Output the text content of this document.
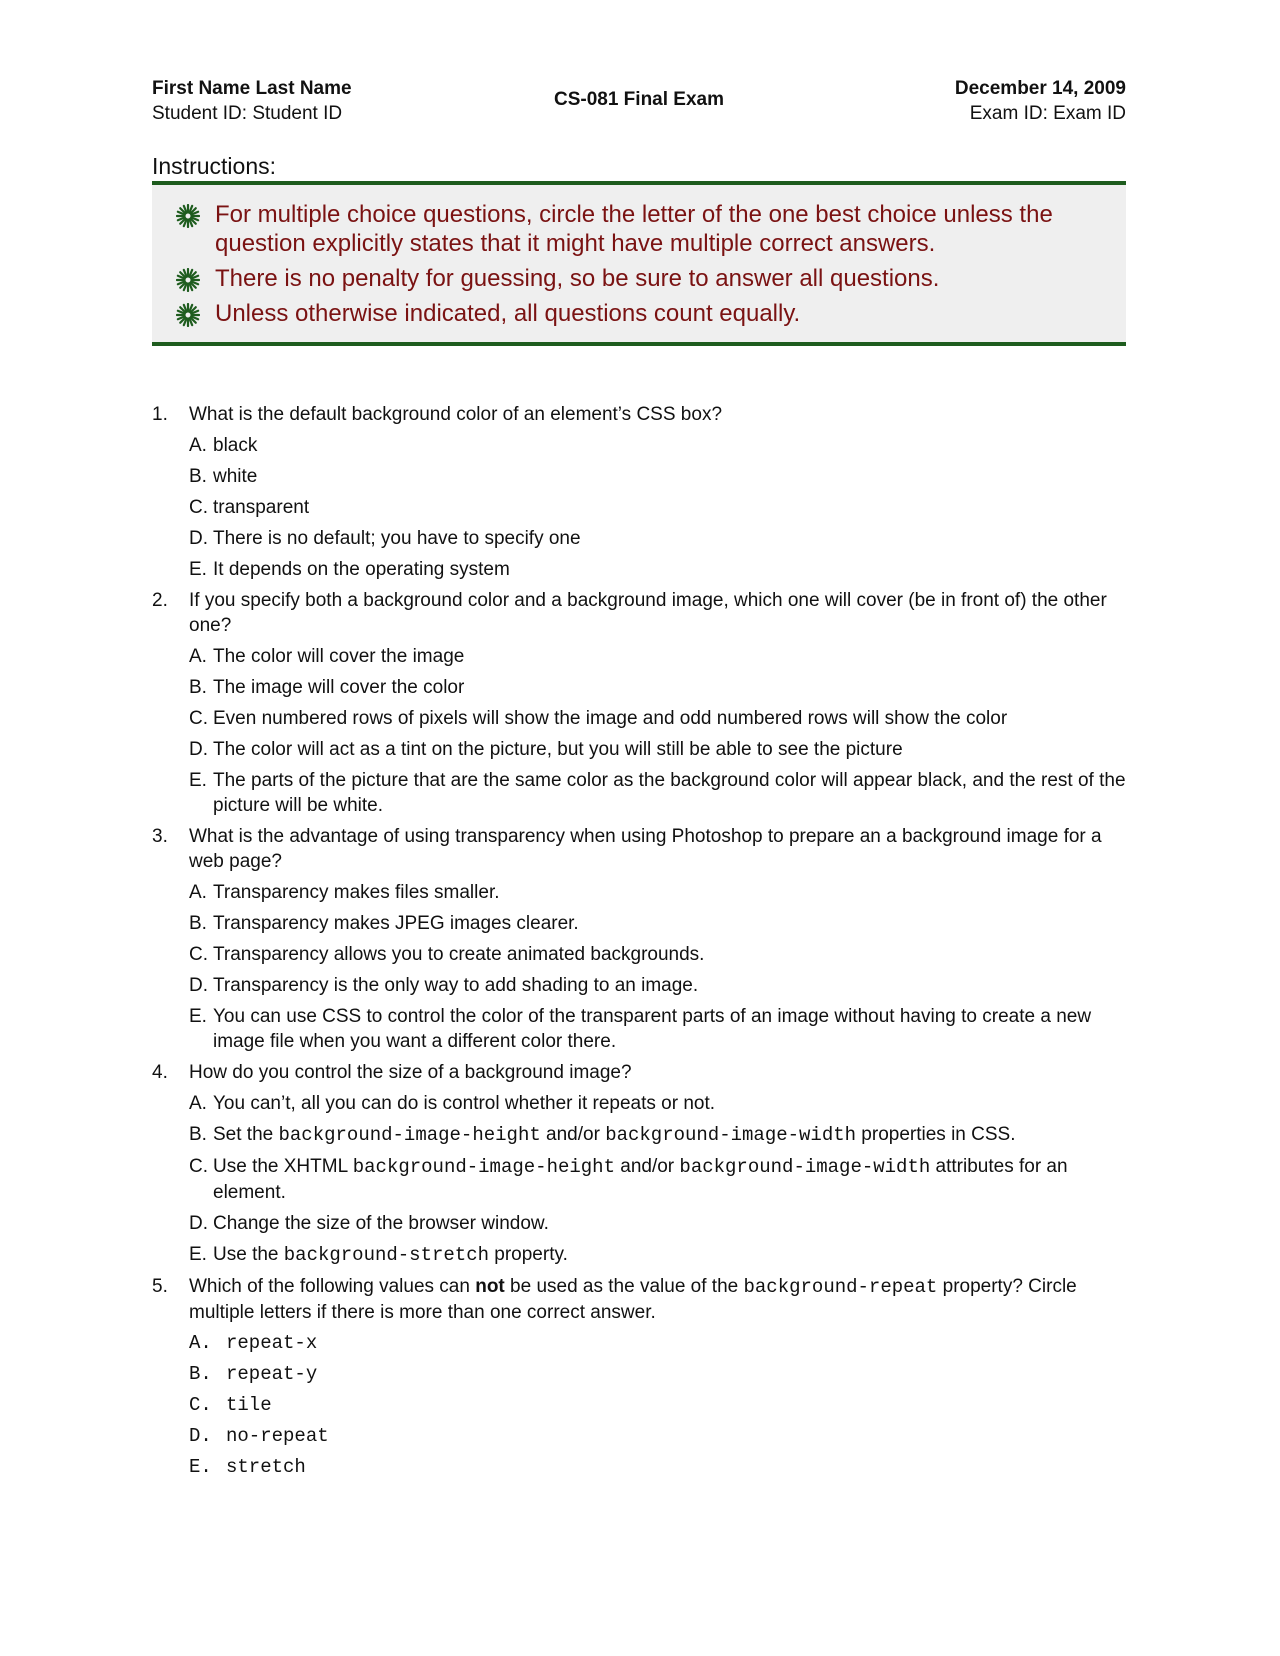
First Name Last Name
Student ID: Student ID
CS-081 Final Exam
December 14, 2009
Exam ID: Exam ID
Instructions:
For multiple choice questions, circle the letter of the one best choice unless the question explicitly states that it might have multiple correct answers.
There is no penalty for guessing, so be sure to answer all questions.
Unless otherwise indicated, all questions count equally.
1. What is the default background color of an element’s CSS box?
A. black
B. white
C. transparent
D. There is no default; you have to specify one
E. It depends on the operating system
2. If you specify both a background color and a background image, which one will cover (be in front of) the other one?
A. The color will cover the image
B. The image will cover the color
C. Even numbered rows of pixels will show the image and odd numbered rows will show the color
D. The color will act as a tint on the picture, but you will still be able to see the picture
E. The parts of the picture that are the same color as the background color will appear black, and the rest of the picture will be white.
3. What is the advantage of using transparency when using Photoshop to prepare an a background image for a web page?
A. Transparency makes files smaller.
B. Transparency makes JPEG images clearer.
C. Transparency allows you to create animated backgrounds.
D. Transparency is the only way to add shading to an image.
E. You can use CSS to control the color of the transparent parts of an image without having to create a new image file when you want a different color there.
4. How do you control the size of a background image?
A. You can’t, all you can do is control whether it repeats or not.
B. Set the background-image-height and/or background-image-width properties in CSS.
C. Use the XHTML background-image-height and/or background-image-width attributes for an element.
D. Change the size of the browser window.
E. Use the background-stretch property.
5. Which of the following values can not be used as the value of the background-repeat property? Circle multiple letters if there is more than one correct answer.
A. repeat-x
B. repeat-y
C. tile
D. no-repeat
E. stretch
